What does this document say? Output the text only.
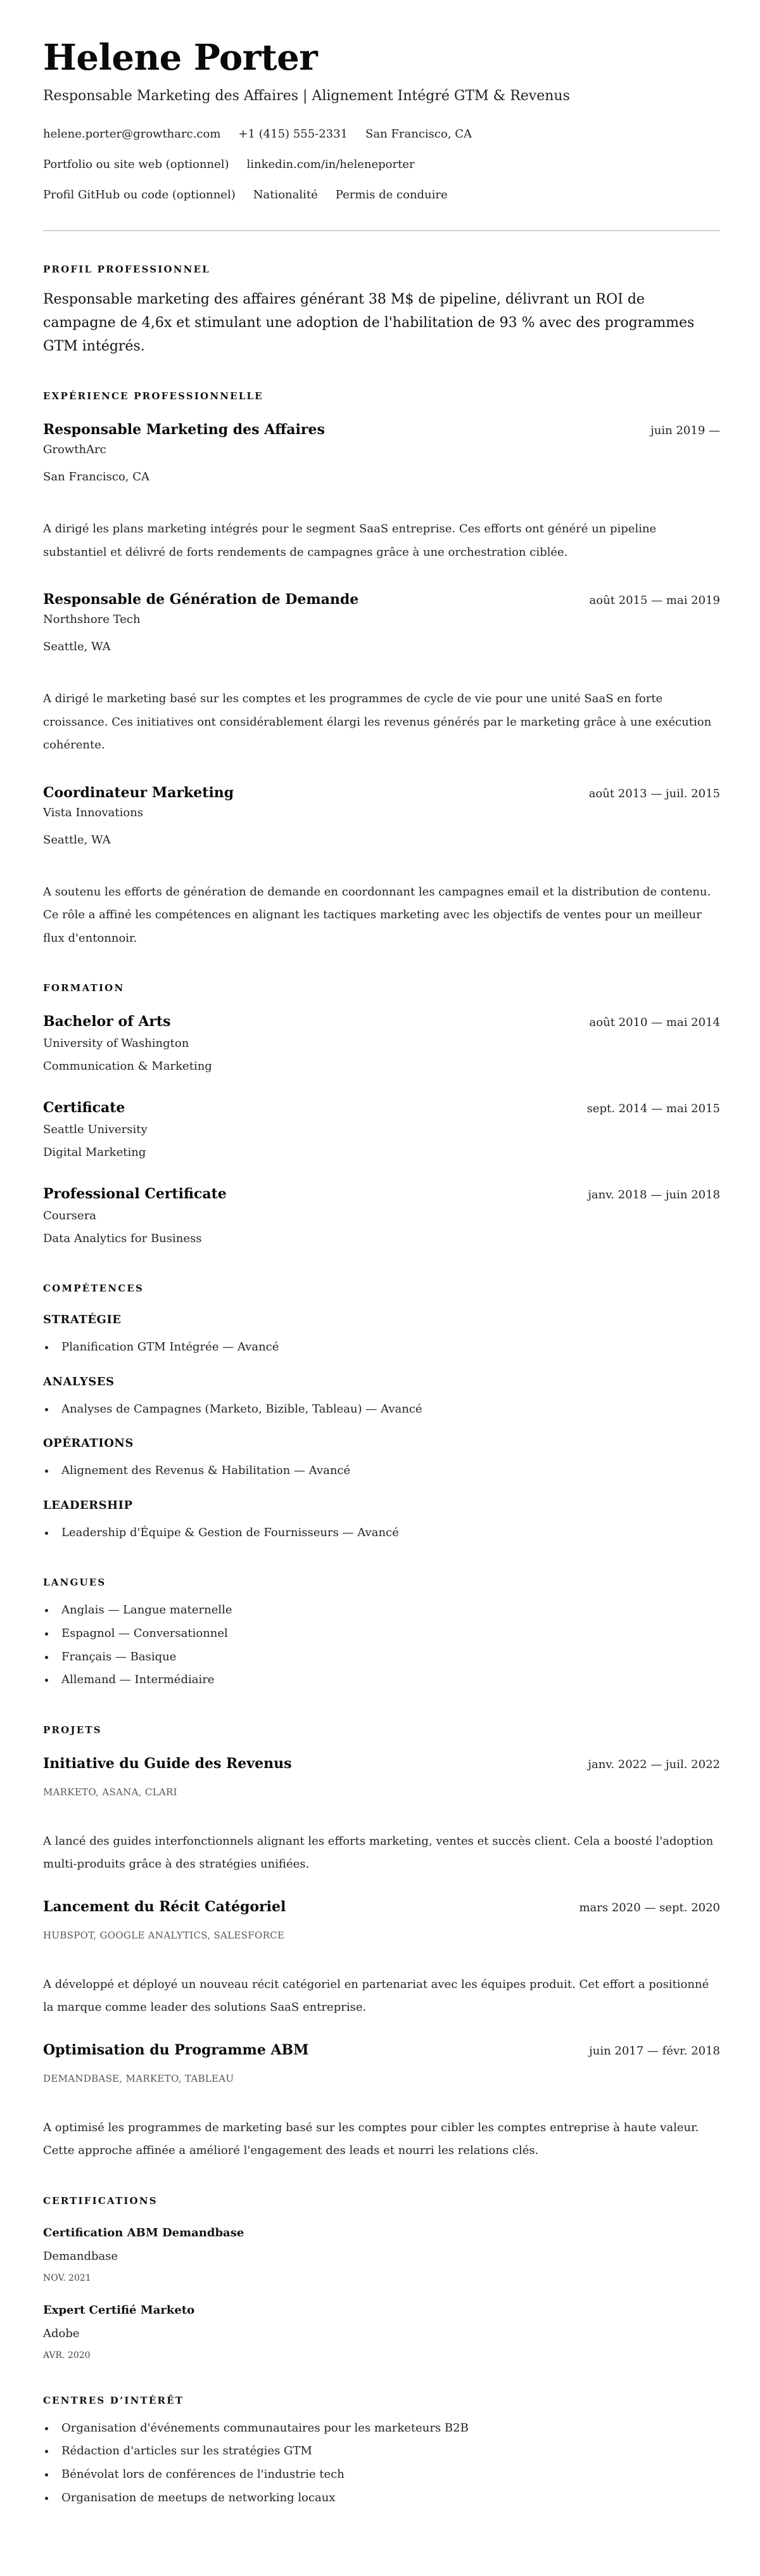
Helene Porter
Responsable Marketing des Affaires | Alignement Intégré GTM & Revenus
helene.porter@growtharc.com +1 (415) 555-2331 San Francisco, CA
Portfolio ou site web (optionnel) linkedin.com/in/heleneporter
Profil GitHub ou code (optionnel) Nationalité Permis de conduire
PROFIL PROFESSIONNEL
Responsable marketing des affaires générant 38 M$ de pipeline, délivrant un ROI de campagne de 4,6x et stimulant une adoption de l'habilitation de 93 % avec des programmes GTM intégrés.
EXPÉRIENCE PROFESSIONNELLE
Responsable Marketing des Affaires	juin 2019 —
GrowthArc
San Francisco, CA
A dirigé les plans marketing intégrés pour le segment SaaS entreprise. Ces efforts ont généré un pipeline substantiel et délivré de forts rendements de campagnes grâce à une orchestration ciblée.
Responsable de Génération de Demande	août 2015 — mai 2019
Northshore Tech
Seattle, WA
A dirigé le marketing basé sur les comptes et les programmes de cycle de vie pour une unité SaaS en forte croissance. Ces initiatives ont considérablement élargi les revenus générés par le marketing grâce à une exécution cohérente.
Coordinateur Marketing	août 2013 — juil. 2015
Vista Innovations
Seattle, WA
A soutenu les efforts de génération de demande en coordonnant les campagnes email et la distribution de contenu. Ce rôle a affiné les compétences en alignant les tactiques marketing avec les objectifs de ventes pour un meilleur flux d'entonnoir.
FORMATION
Bachelor of Arts	août 2010 — mai 2014
University of Washington
Communication & Marketing
Certificate	sept. 2014 — mai 2015
Seattle University
Digital Marketing
Professional Certificate	janv. 2018 — juin 2018
Coursera
Data Analytics for Business
COMPÉTENCES
STRATÉGIE
Planification GTM Intégrée — Avancé
ANALYSES
Analyses de Campagnes (Marketo, Bizible, Tableau) — Avancé
OPÉRATIONS
Alignement des Revenus & Habilitation — Avancé
LEADERSHIP
Leadership d'Équipe & Gestion de Fournisseurs — Avancé
LANGUES
Anglais — Langue maternelle
Espagnol — Conversationnel
Français — Basique
Allemand — Intermédiaire
PROJETS
Initiative du Guide des Revenus	janv. 2022 — juil. 2022
MARKETO, ASANA, CLARI
A lancé des guides interfonctionnels alignant les efforts marketing, ventes et succès client. Cela a boosté l'adoption multi-produits grâce à des stratégies unifiées.
Lancement du Récit Catégoriel	mars 2020 — sept. 2020
HUBSPOT, GOOGLE ANALYTICS, SALESFORCE
A développé et déployé un nouveau récit catégoriel en partenariat avec les équipes produit. Cet effort a positionné la marque comme leader des solutions SaaS entreprise.
Optimisation du Programme ABM	juin 2017 — févr. 2018
DEMANDBASE, MARKETO, TABLEAU
A optimisé les programmes de marketing basé sur les comptes pour cibler les comptes entreprise à haute valeur. Cette approche affinée a amélioré l'engagement des leads et nourri les relations clés.
CERTIFICATIONS
Certification ABM Demandbase
Demandbase
NOV. 2021
Expert Certifié Marketo
Adobe
AVR. 2020
CENTRES D’INTÉRÊT
Organisation d'événements communautaires pour les marketeurs B2B
Rédaction d'articles sur les stratégies GTM
Bénévolat lors de conférences de l'industrie tech
Organisation de meetups de networking locaux
